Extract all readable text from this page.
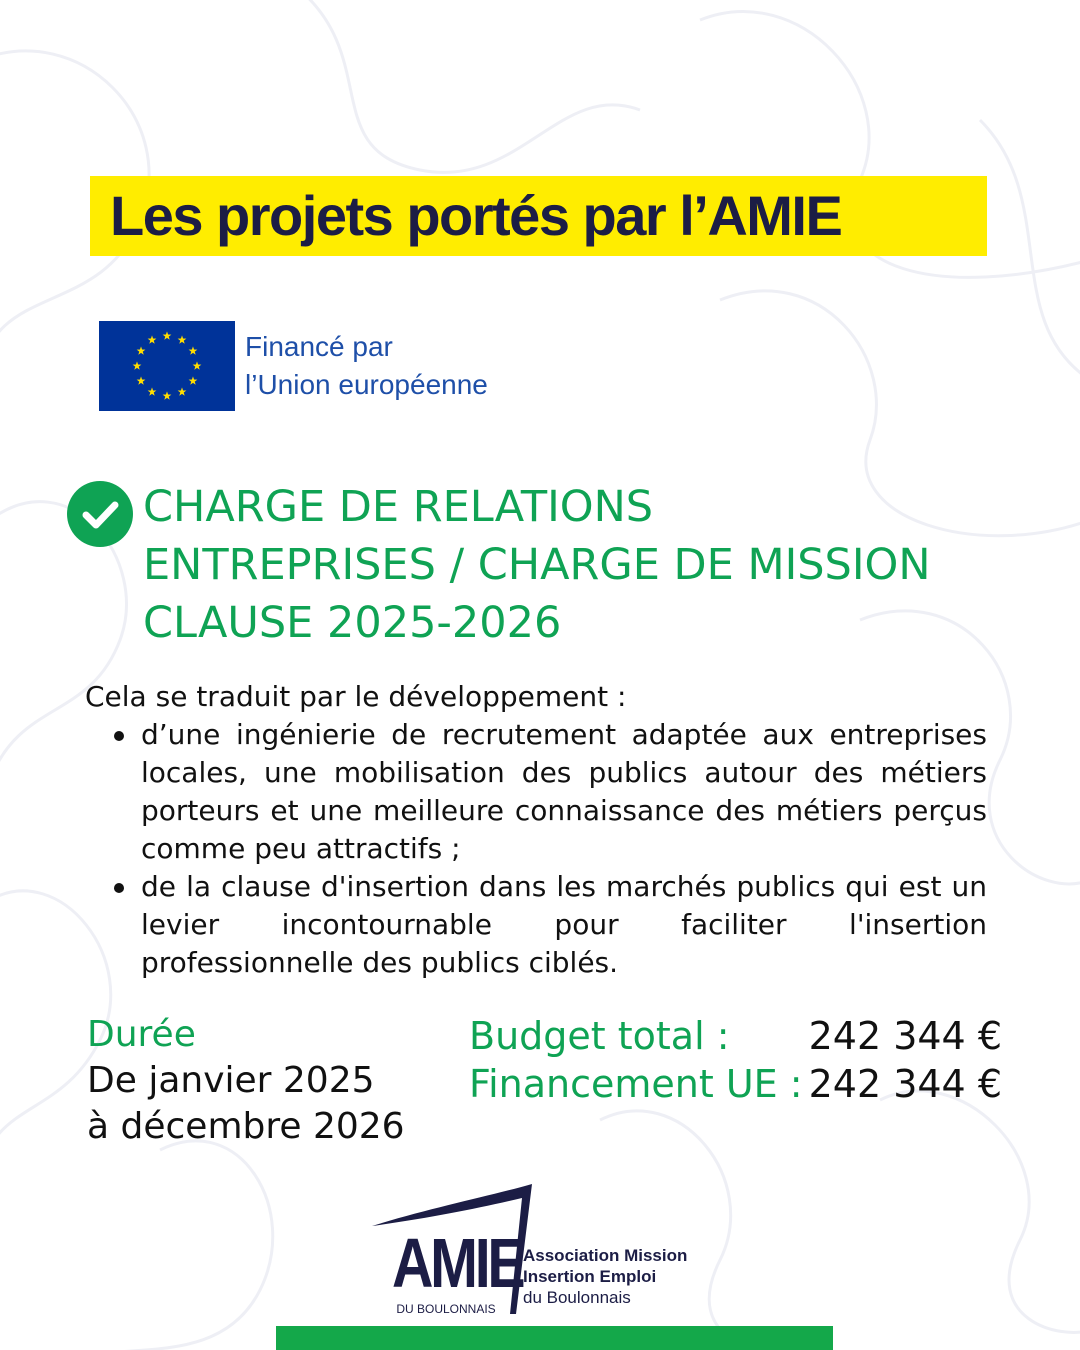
Les projets portés par l’AMIE
Financé par
l’Union européenne
CHARGE DE RELATIONS
ENTREPRISES / CHARGE DE MISSION
CLAUSE 2025-2026

Cela se traduit par le développement :

d’une ingénierie de recrutement adaptée aux entreprises locales, une mobilisation des publics autour des métiers porteurs et une meilleure connaissance des métiers perçus comme peu attractifs ;
de la clause d'insertion dans les marchés publics qui est un levier incontournable pour faciliter l'insertion professionnelle des publics ciblés.
Durée
De janvier 2025
à décembre 2026
Budget total : 242 344 €
Financement UE : 242 344 €
AMIE
DU BOULONNAIS
Association Mission
Insertion Emploi
du Boulonnais
